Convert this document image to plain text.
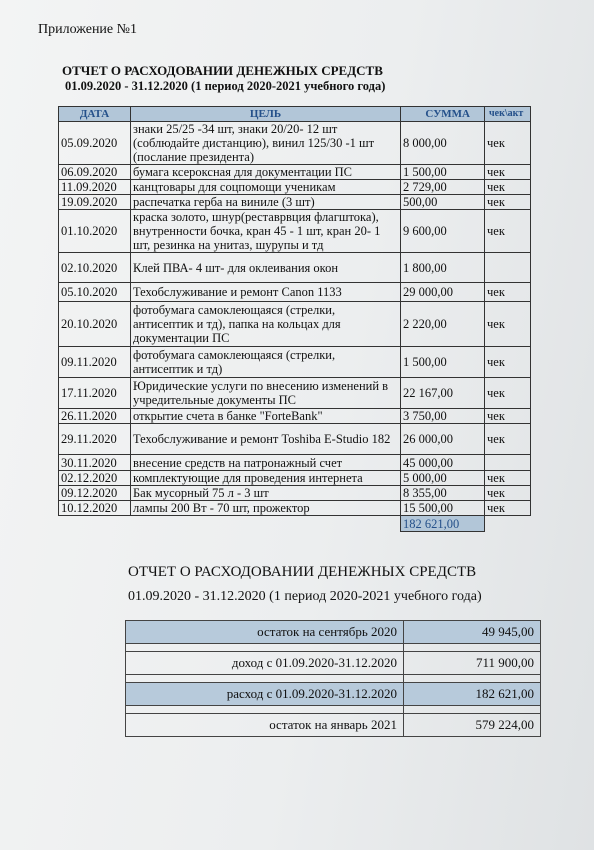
Приложение №1
ОТЧЕТ О РАСХОДОВАНИИ ДЕНЕЖНЫХ СРЕДСТВ
01.09.2020 - 31.12.2020 (1 период 2020-2021 учебного года)
ДАТА	ЦЕЛЬ	СУММА	чек\акт
05.09.2020	знаки 25/25 -34 шт, знаки 20/20- 12 шт (соблюдайте дистанцию), винил 125/30 -1 шт (послание президента)	8 000,00	чек
06.09.2020	бумага ксероксная для документации ПС	1 500,00	чек
11.09.2020	канцтовары для соцпомощи ученикам	2 729,00	чек
19.09.2020	распечатка герба на виниле (3 шт)	500,00	чек
01.10.2020	краска золото, шнур(реставрвция флагштока), внутренности бочка, кран 45 - 1 шт, кран 20- 1 шт, резинка на унитаз, шурупы и тд	9 600,00	чек
02.10.2020	Клей ПВА- 4 шт- для оклеивания окон	1 800,00	
05.10.2020	Техобслуживание и ремонт Canon 1133	29 000,00	чек
20.10.2020	фотобумага самоклеющаяся (стрелки, антисептик и тд), папка на кольцах для документации ПС	2 220,00	чек
09.11.2020	фотобумага самоклеющаяся (стрелки, антисептик и тд)	1 500,00	чек
17.11.2020	Юридические услуги по внесению изменений в учредительные документы ПС	22 167,00	чек
26.11.2020	открытие счета в банке "ForteBank"	3 750,00	чек
29.11.2020	Техобслуживание и ремонт Toshiba E-Studio 182	26 000,00	чек
30.11.2020	внесение средств на патронажный счет	45 000,00	
02.12.2020	комплектующие для проведения интернета	5 000,00	чек
09.12.2020	Бак мусорный 75 л - 3 шт	8 355,00	чек
10.12.2020	лампы 200 Вт - 70 шт, прожектор	15 500,00	чек
		182 621,00	
ОТЧЕТ О РАСХОДОВАНИИ ДЕНЕЖНЫХ СРЕДСТВ
01.09.2020 - 31.12.2020 (1 период 2020-2021 учебного года)
остаток на сентябрь 2020	49 945,00

доход с 01.09.2020-31.12.2020	711 900,00

расход с 01.09.2020-31.12.2020	182 621,00

остаток на январь 2021	579 224,00
